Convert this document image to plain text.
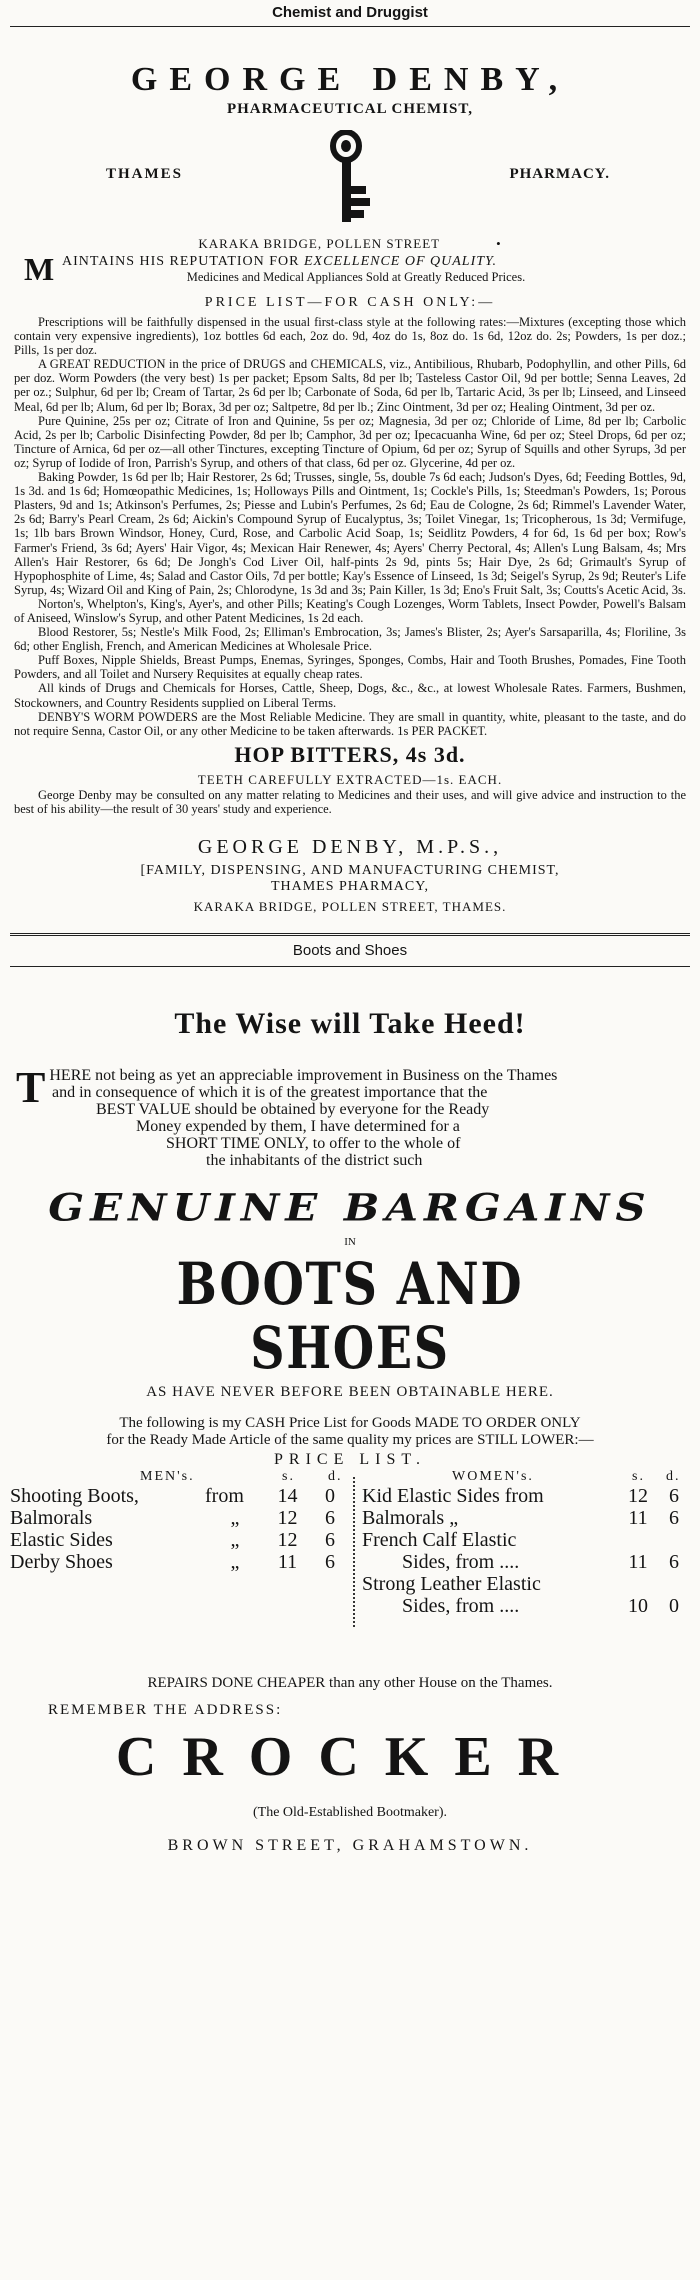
Chemist and Druggist
GEORGE DENBY,
PHARMACEUTICAL CHEMIST,
THAMES	PHARMACY.
KARAKA BRIDGE, POLLEN STREET	•
M AINTAINS HIS REPUTATION FOR EXCELLENCE OF QUALITY.
Medicines and Medical Appliances Sold at Greatly Reduced Prices.
PRICE LIST—FOR CASH ONLY:—

Prescriptions will be faithfully dispensed in the usual first-class style at the following rates:—Mixtures (excepting those which contain very expensive ingredients), 1oz bottles 6d each, 2oz do. 9d, 4oz do 1s, 8oz do. 1s 6d, 12oz do. 2s; Powders, 1s per doz.; Pills, 1s per doz.

A GREAT REDUCTION in the price of DRUGS and CHEMICALS, viz., Antibilious, Rhubarb, Podophyllin, and other Pills, 6d per doz. Worm Powders (the very best) 1s per packet; Epsom Salts, 8d per lb; Tasteless Castor Oil, 9d per bottle; Senna Leaves, 2d per oz.; Sulphur, 6d per lb; Cream of Tartar, 2s 6d per lb; Carbonate of Soda, 6d per lb, Tartaric Acid, 3s per lb; Linseed, and Linseed Meal, 6d per lb; Alum, 6d per lb; Borax, 3d per oz; Saltpetre, 8d per lb.; Zinc Ointment, 3d per oz; Healing Ointment, 3d per oz.

Pure Quinine, 25s per oz; Citrate of Iron and Quinine, 5s per oz; Magnesia, 3d per oz; Chloride of Lime, 8d per lb; Carbolic Acid, 2s per lb; Carbolic Disinfecting Powder, 8d per lb; Camphor, 3d per oz; Ipecacuanha Wine, 6d per oz; Steel Drops, 6d per oz; Tincture of Arnica, 6d per oz—all other Tinctures, excepting Tincture of Opium, 6d per oz; Syrup of Squills and other Syrups, 3d per oz; Syrup of Iodide of Iron, Parrish's Syrup, and others of that class, 6d per oz. Glycerine, 4d per oz.

Baking Powder, 1s 6d per lb; Hair Restorer, 2s 6d; Trusses, single, 5s, double 7s 6d each; Judson's Dyes, 6d; Feeding Bottles, 9d, 1s 3d. and 1s 6d; Homœopathic Medicines, 1s; Holloways Pills and Ointment, 1s; Cockle's Pills, 1s; Steedman's Powders, 1s; Porous Plasters, 9d and 1s; Atkinson's Perfumes, 2s; Piesse and Lubin's Perfumes, 2s 6d; Eau de Cologne, 2s 6d; Rimmel's Lavender Water, 2s 6d; Barry's Pearl Cream, 2s 6d; Aickin's Compound Syrup of Eucalyptus, 3s; Toilet Vinegar, 1s; Tricopherous, 1s 3d; Vermifuge, 1s; 1lb bars Brown Windsor, Honey, Curd, Rose, and Carbolic Acid Soap, 1s; Seidlitz Powders, 4 for 6d, 1s 6d per box; Row's Farmer's Friend, 3s 6d; Ayers' Hair Vigor, 4s; Mexican Hair Renewer, 4s; Ayers' Cherry Pectoral, 4s; Allen's Lung Balsam, 4s; Mrs Allen's Hair Restorer, 6s 6d; De Jongh's Cod Liver Oil, half-pints 2s 9d, pints 5s; Hair Dye, 2s 6d; Grimault's Syrup of Hypophosphite of Lime, 4s; Salad and Castor Oils, 7d per bottle; Kay's Essence of Linseed, 1s 3d; Seigel's Syrup, 2s 9d; Reuter's Life Syrup, 4s; Wizard Oil and King of Pain, 2s; Chlorodyne, 1s 3d and 3s; Pain Killer, 1s 3d; Eno's Fruit Salt, 3s; Coutts's Acetic Acid, 3s.

Norton's, Whelpton's, King's, Ayer's, and other Pills; Keating's Cough Lozenges, Worm Tablets, Insect Powder, Powell's Balsam of Aniseed, Winslow's Syrup, and other Patent Medicines, 1s 2d each.

Blood Restorer, 5s; Nestle's Milk Food, 2s; Elliman's Embrocation, 3s; James's Blister, 2s; Ayer's Sarsaparilla, 4s; Floriline, 3s 6d; other English, French, and American Medicines at Wholesale Price.

Puff Boxes, Nipple Shields, Breast Pumps, Enemas, Syringes, Sponges, Combs, Hair and Tooth Brushes, Pomades, Fine Tooth Powders, and all Toilet and Nursery Requisites at equally cheap rates.

All kinds of Drugs and Chemicals for Horses, Cattle, Sheep, Dogs, &c., &c., at lowest Wholesale Rates. Farmers, Bushmen, Stockowners, and Country Residents supplied on Liberal Terms.

DENBY'S WORM POWDERS are the Most Reliable Medicine. They are small in quantity, white, pleasant to the taste, and do not require Senna, Castor Oil, or any other Medicine to be taken afterwards. 1s PER PACKET.

HOP BITTERS, 4s 3d.
TEETH CAREFULLY EXTRACTED—1s. EACH.

George Denby may be consulted on any matter relating to Medicines and their uses, and will give advice and instruction to the best of his ability—the result of 30 years' study and experience.

GEORGE DENBY, M.P.S.,
[FAMILY, DISPENSING, AND MANUFACTURING CHEMIST,
THAMES PHARMACY,
KARAKA BRIDGE, POLLEN STREET, THAMES.
Boots and Shoes
The Wise will Take Heed!
T HERE not being as yet an appreciable improvement in Business on the Thames
and in consequence of which it is of the greatest importance that the
BEST VALUE should be obtained by everyone for the Ready
Money expended by them, I have determined for a
SHORT TIME ONLY, to offer to the whole of
the inhabitants of the district such
GENUINE BARGAINS
IN
BOOTS AND SHOES
AS HAVE NEVER BEFORE BEEN OBTAINABLE HERE.
The following is my CASH Price List for Goods MADE TO ORDER ONLY
for the Ready Made Article of the same quality my prices are STILL LOWER:—
PRICE LIST.
MEN's.	s. d.
Shooting Boots,	from	14	0
Balmorals	„	12	6
Elastic Sides	„	12	6
Derby Shoes	„	11	6
WOMEN's.	s. d.
Kid Elastic Sides from	12	6
Balmorals „	11	6
French Calf Elastic		
Sides, from ....	11	6
Strong Leather Elastic		
Sides, from ....	10	0
REPAIRS DONE CHEAPER than any other House on the Thames.
REMEMBER THE ADDRESS:
CROCKER
(The Old-Established Bootmaker).
BROWN STREET, GRAHAMSTOWN.
